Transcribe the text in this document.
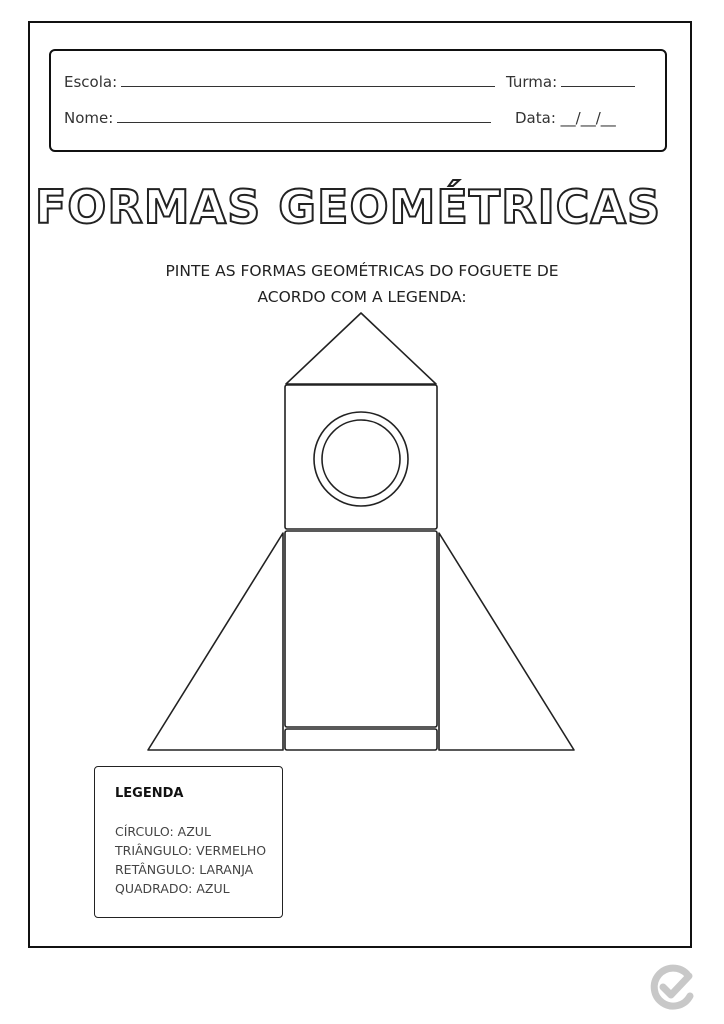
Escola:	Turma:
Nome:	Data: __/__/__
FORMAS GEOMÉTRICAS
PINTE AS FORMAS GEOMÉTRICAS DO FOGUETE DE
ACORDO COM A LEGENDA:
LEGENDA
CÍRCULO: AZUL
TRIÂNGULO: VERMELHO
RETÂNGULO: LARANJA
QUADRADO: AZUL
